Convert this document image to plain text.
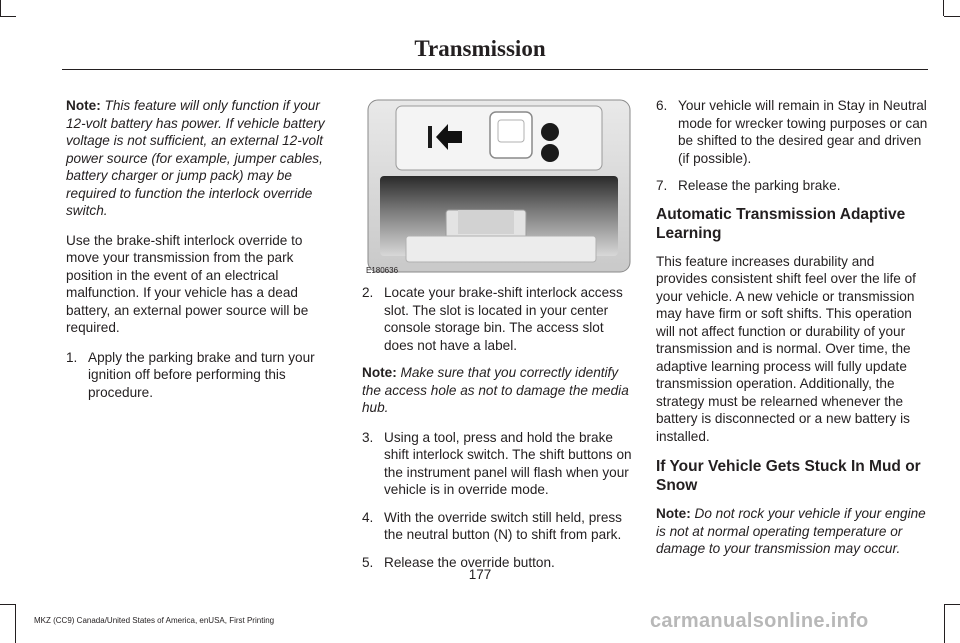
Transmission

Note: This feature will only function if your 12-volt battery has power. If vehicle battery voltage is not sufficient, an external 12-volt power source (for example, jumper cables, battery charger or jump pack) may be required to function the interlock override switch.

Use the brake-shift interlock override to move your transmission from the park position in the event of an electrical malfunction. If your vehicle has a dead battery, an external power source will be required.

1. Apply the parking brake and turn your ignition off before performing this procedure.
E180636
2. Locate your brake-shift interlock access slot. The slot is located in your center console storage bin. The access slot does not have a label.

Note: Make sure that you correctly identify the access hole as not to damage the media hub.

3. Using a tool, press and hold the brake shift interlock switch. The shift buttons on the instrument panel will flash when your vehicle is in override mode.
4. With the override switch still held, press the neutral button (N) to shift from park.
5. Release the override button.
6. Your vehicle will remain in Stay in Neutral mode for wrecker towing purposes or can be shifted to the desired gear and driven (if possible).
7. Release the parking brake.
Automatic Transmission Adaptive Learning

This feature increases durability and provides consistent shift feel over the life of your vehicle. A new vehicle or transmission may have firm or soft shifts. This operation will not affect function or durability of your transmission and is normal. Over time, the adaptive learning process will fully update transmission operation. Additionally, the strategy must be relearned whenever the battery is disconnected or a new battery is installed.

If Your Vehicle Gets Stuck In Mud or Snow

Note: Do not rock your vehicle if your engine is not at normal operating temperature or damage to your transmission may occur.

177
MKZ (CC9) Canada/United States of America, enUSA, First Printing	carmanualsonline.info
